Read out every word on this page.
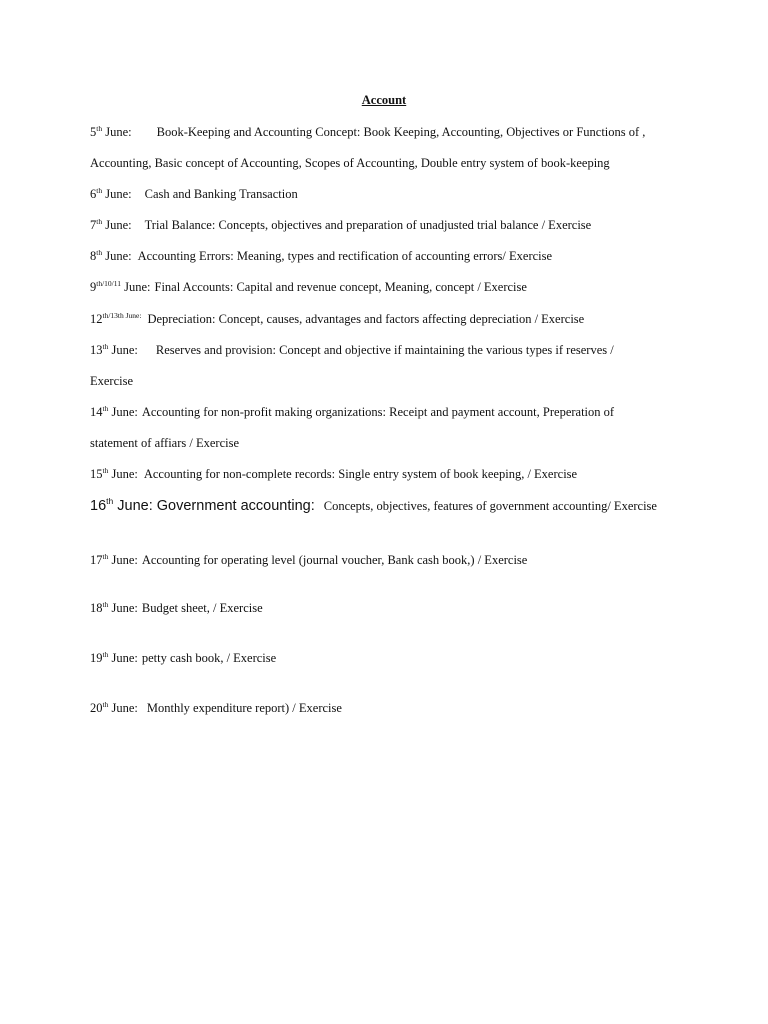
Account
5th June: Book-Keeping and Accounting Concept: Book Keeping, Accounting, Objectives or Functions of ,
Accounting, Basic concept of Accounting, Scopes of Accounting, Double entry system of book-keeping
6th June: Cash and Banking Transaction
7th June: Trial Balance: Concepts, objectives and preparation of unadjusted trial balance / Exercise
8th June: Accounting Errors: Meaning, types and rectification of accounting errors/ Exercise
$9^{th/10/11}$ June: Final Accounts: Capital and revenue concept, Meaning, concept / Exercise
$12^{th/13th June:}$ Depreciation: Concept, causes, advantages and factors affecting depreciation / Exercise
13th June: Reserves and provision: Concept and objective if maintaining the various types if reserves /
Exercise
14th June: Accounting for non-profit making organizations: Receipt and payment account, Preperation of
statement of affiars / Exercise
15th June: Accounting for non-complete records: Single entry system of book keeping, / Exercise
16th June: Government accounting: Concepts, objectives, features of government accounting/ Exercise
17th June: Accounting for operating level (journal voucher, Bank cash book,) / Exercise
18th June: Budget sheet, / Exercise
19th June: petty cash book, / Exercise
20th June: Monthly expenditure report) / Exercise
